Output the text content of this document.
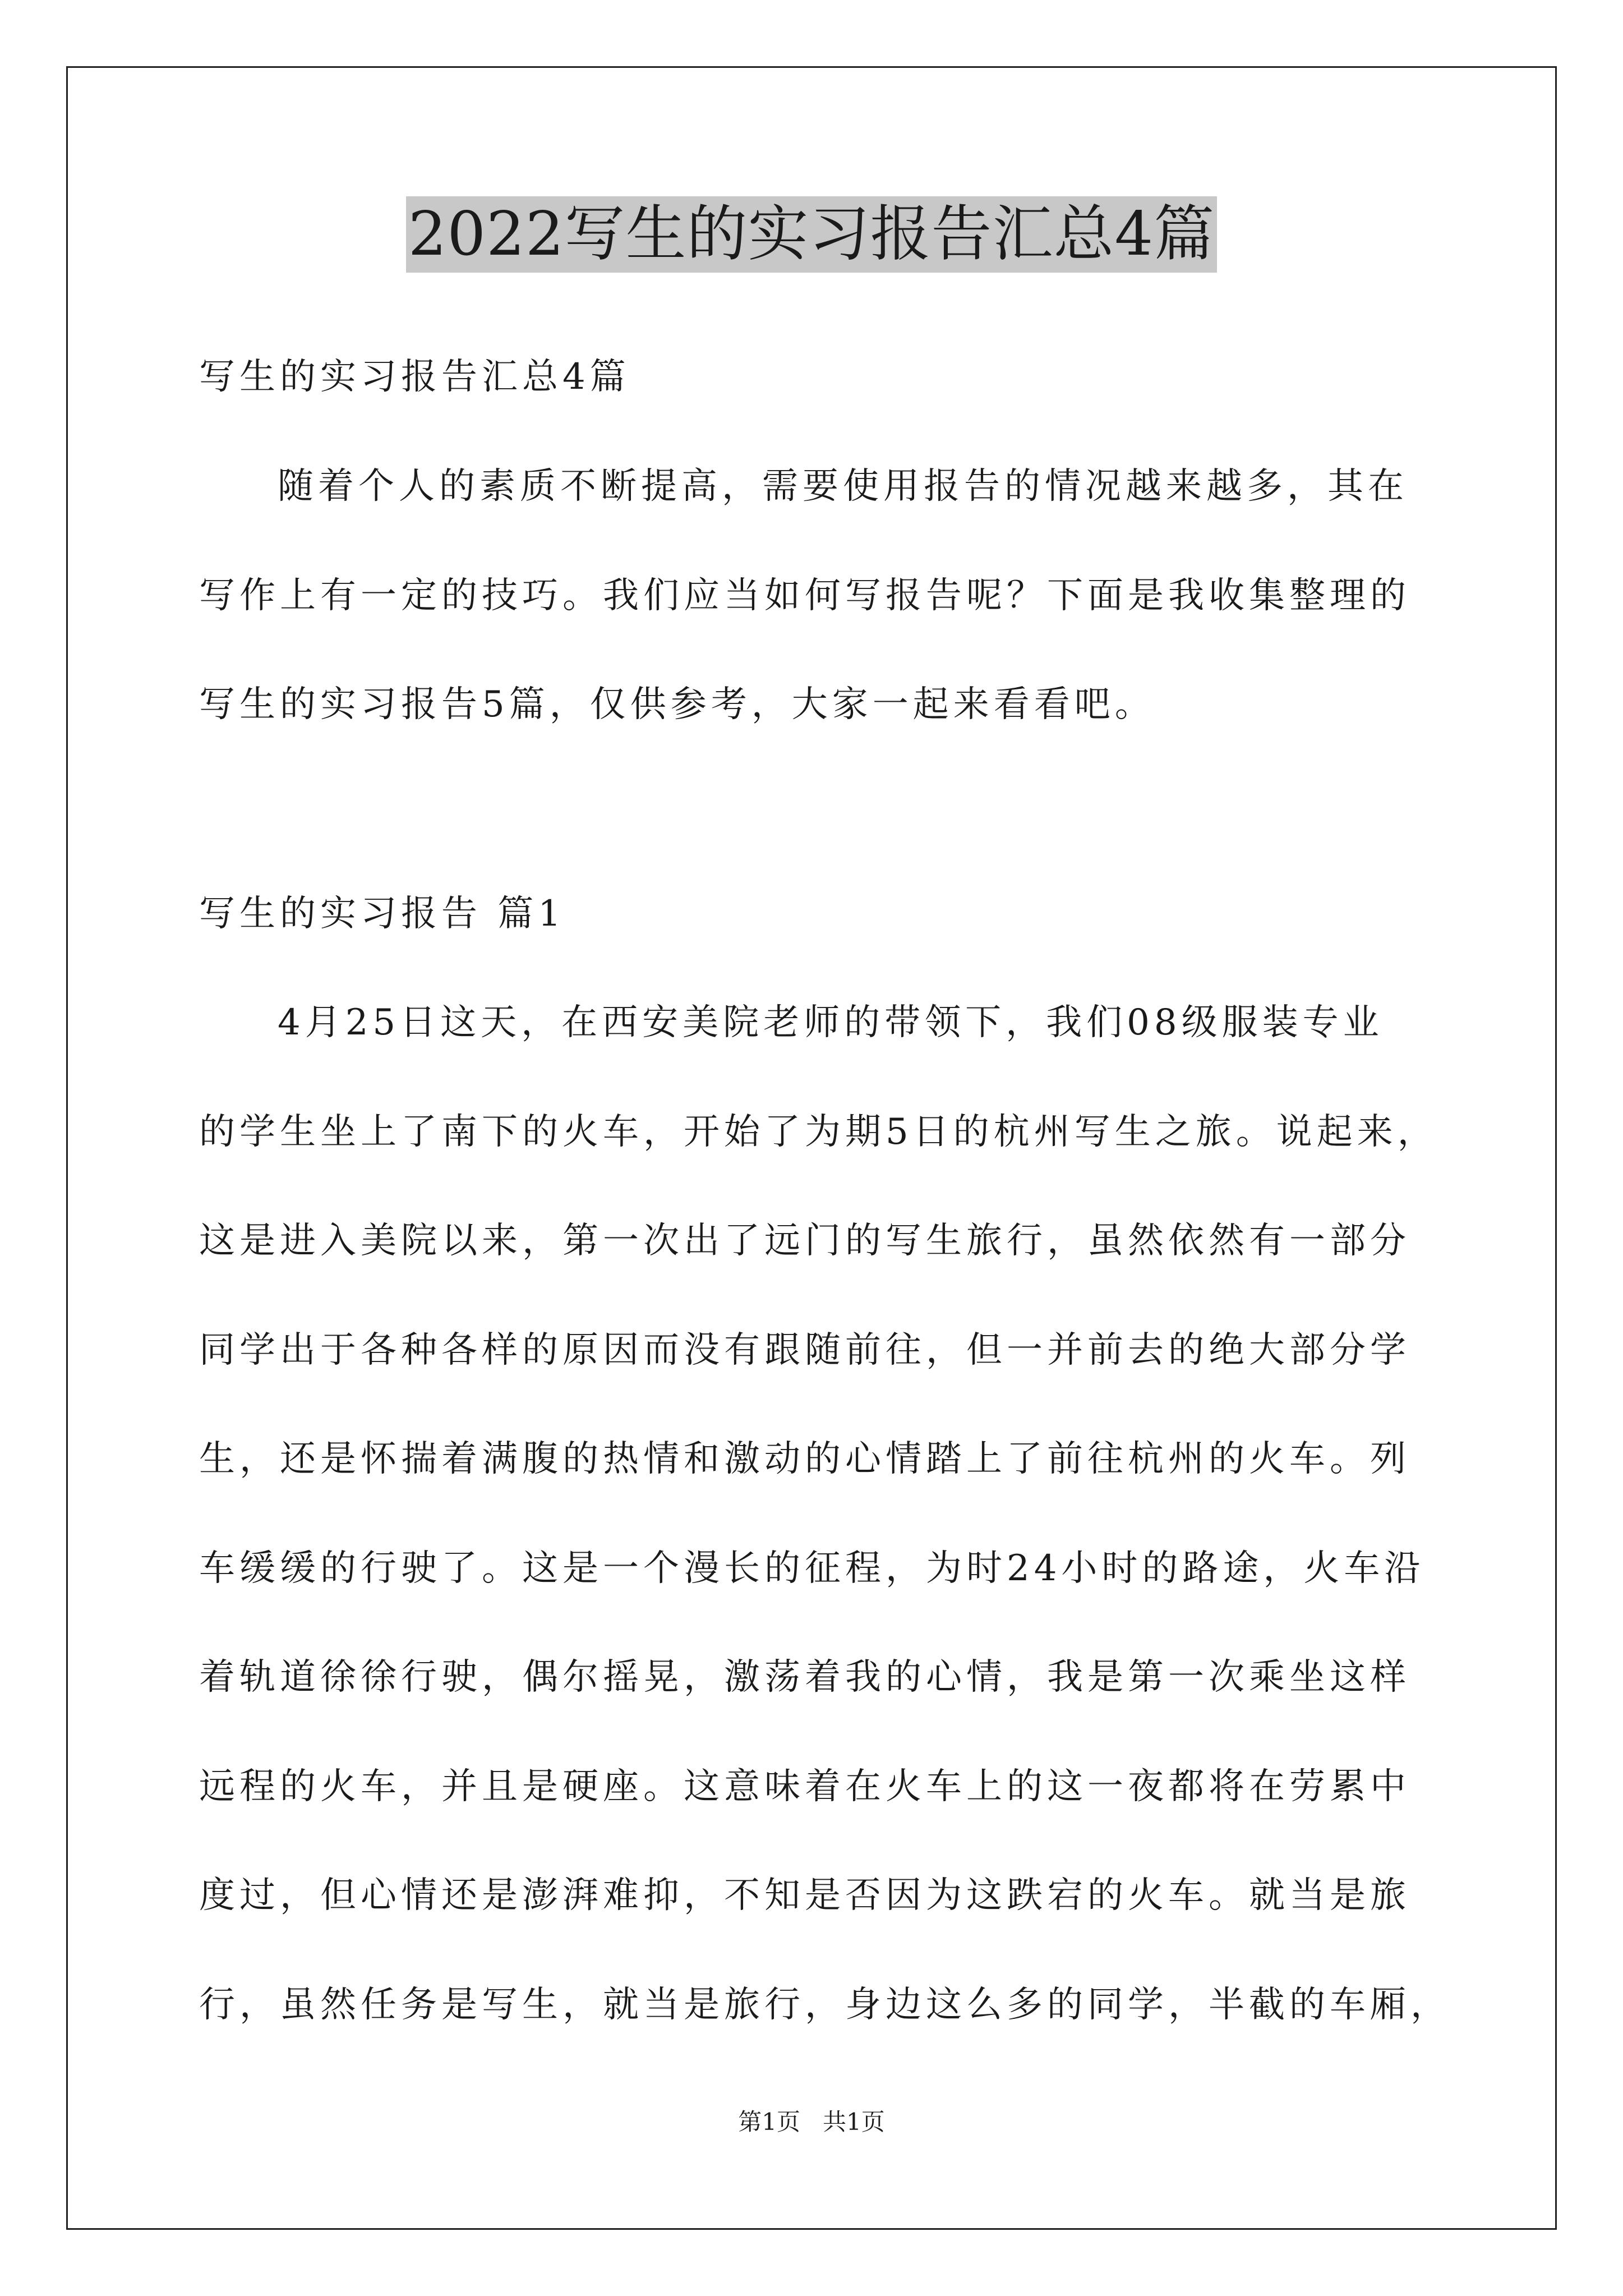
2022写生的实习报告汇总4篇
写生的实习报告汇总4篇
随着个人的素质不断提高，需要使用报告的情况越来越多，其在
写作上有一定的技巧。我们应当如何写报告呢？下面是我收集整理的
写生的实习报告5篇，仅供参考，大家一起来看看吧。
写生的实习报告 篇1
4月25日这天，在西安美院老师的带领下，我们08级服装专业
的学生坐上了南下的火车，开始了为期5日的杭州写生之旅。说起来，
这是进入美院以来，第一次出了远门的写生旅行，虽然依然有一部分
同学出于各种各样的原因而没有跟随前往，但一并前去的绝大部分学
生，还是怀揣着满腹的热情和激动的心情踏上了前往杭州的火车。列
车缓缓的行驶了。这是一个漫长的征程，为时24小时的路途，火车沿
着轨道徐徐行驶，偶尔摇晃，激荡着我的心情，我是第一次乘坐这样
远程的火车，并且是硬座。这意味着在火车上的这一夜都将在劳累中
度过，但心情还是澎湃难抑，不知是否因为这跌宕的火车。就当是旅
行，虽然任务是写生，就当是旅行，身边这么多的同学，半截的车厢，
第1页   共1页
